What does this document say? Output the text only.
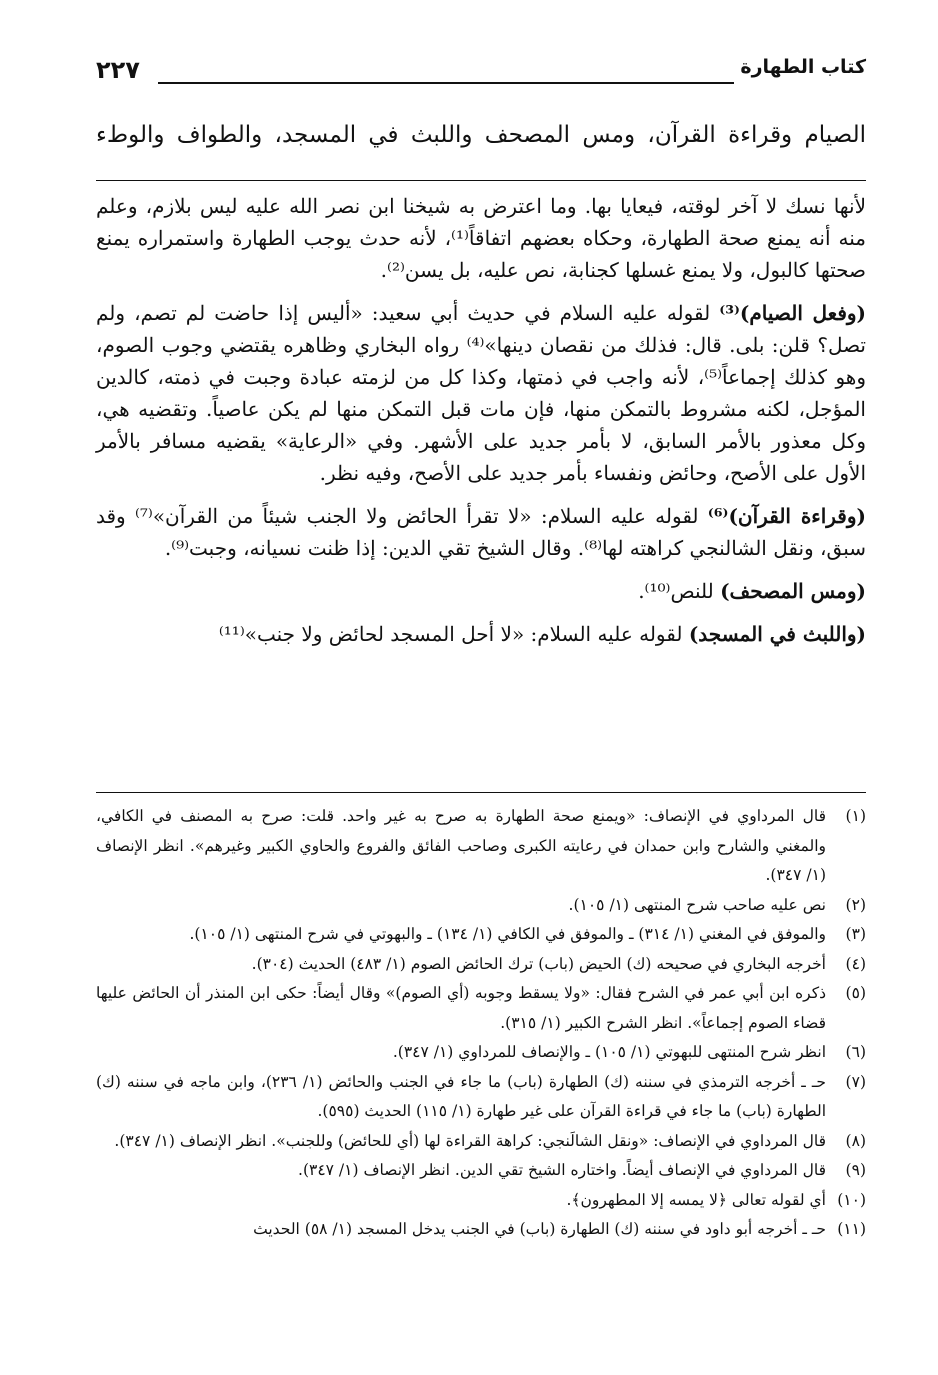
كتاب الطهارة
٢٢٧
الصيام وقراءة القرآن، ومس المصحف واللبث في المسجد، والطواف والوطء

لأنها نسك لا آخر لوقته، فيعايا بها. وما اعترض به شيخنا ابن نصر الله عليه ليس بلازم، وعلم منه أنه يمنع صحة الطهارة، وحكاه بعضهم اتفاقاً⁽¹⁾، لأنه حدث يوجب الطهارة واستمراره يمنع صحتها كالبول، ولا يمنع غسلها كجنابة، نص عليه، بل يسن⁽²⁾.

(وفعل الصيام)⁽³⁾ لقوله عليه السلام في حديث أبي سعيد: «أليس إذا حاضت لم تصم، ولم تصل؟ قلن: بلى. قال: فذلك من نقصان دينها»⁽⁴⁾ رواه البخاري وظاهره يقتضي وجوب الصوم، وهو كذلك إجماعاً⁽⁵⁾، لأنه واجب في ذمتها، وكذا كل من لزمته عبادة وجبت في ذمته، كالدين المؤجل، لكنه مشروط بالتمكن منها، فإن مات قبل التمكن منها لم يكن عاصياً. وتقضيه هي، وكل معذور بالأمر السابق، لا بأمر جديد على الأشهر. وفي «الرعاية» يقضيه مسافر بالأمر الأول على الأصح، وحائض ونفساء بأمر جديد على الأصح، وفيه نظر.

(وقراءة القرآن)⁽⁶⁾ لقوله عليه السلام: «لا تقرأ الحائض ولا الجنب شيئاً من القرآن»⁽⁷⁾ وقد سبق، ونقل الشالنجي كراهته لها⁽⁸⁾. وقال الشيخ تقي الدين: إذا ظنت نسيانه، وجبت⁽⁹⁾.

(ومس المصحف) للنص⁽¹⁰⁾.

(واللبث في المسجد) لقوله عليه السلام: «لا أحل المسجد لحائض ولا جنب»⁽¹¹⁾

(١)
قال المرداوي في الإنصاف: «ويمنع صحة الطهارة به صرح به غير واحد. قلت: صرح به المصنف في الكافي، والمغني والشارح وابن حمدان في رعايته الكبرى وصاحب الفائق والفروع والحاوي الكبير وغيرهم». انظر الإنصاف (١/ ٣٤٧).

(٢)
نص عليه صاحب شرح المنتهى (١/ ١٠٥).

(٣)
والموفق في المغني (١/ ٣١٤) ـ والموفق في الكافي (١/ ١٣٤) ـ والبهوتي في شرح المنتهى (١/ ١٠٥).

(٤)
أخرجه البخاري في صحيحه (ك) الحيض (باب) ترك الحائض الصوم (١/ ٤٨٣) الحديث (٣٠٤).

(٥)
ذكره ابن أبي عمر في الشرح فقال: «ولا يسقط وجوبه (أي الصوم)» وقال أيضاً: حكى ابن المنذر أن الحائض عليها قضاء الصوم إجماعاً». انظر الشرح الكبير (١/ ٣١٥).

(٦)
انظر شرح المنتهى للبهوتي (١/ ١٠٥) ـ والإنصاف للمرداوي (١/ ٣٤٧).

(٧)
حـ ـ أخرجه الترمذي في سننه (ك) الطهارة (باب) ما جاء في الجنب والحائض (١/ ٢٣٦)، وابن ماجه في سننه (ك) الطهارة (باب) ما جاء في قراءة القرآن على غير طهارة (١/ ١١٥) الحديث (٥٩٥).

(٨)
قال المرداوي في الإنصاف: «ونقل الشالَنجي: كراهة القراءة لها (أي للحائض) وللجنب». انظر الإنصاف (١/ ٣٤٧).

(٩)
قال المرداوي في الإنصاف أيضاً. واختاره الشيخ تقي الدين. انظر الإنصاف (١/ ٣٤٧).

(١٠)
أي لقوله تعالى ﴿لا يمسه إلا المطهرون﴾.

(١١)
حـ ـ أخرجه أبو داود في سننه (ك) الطهارة (باب) في الجنب يدخل المسجد (١/ ٥٨) الحديث
